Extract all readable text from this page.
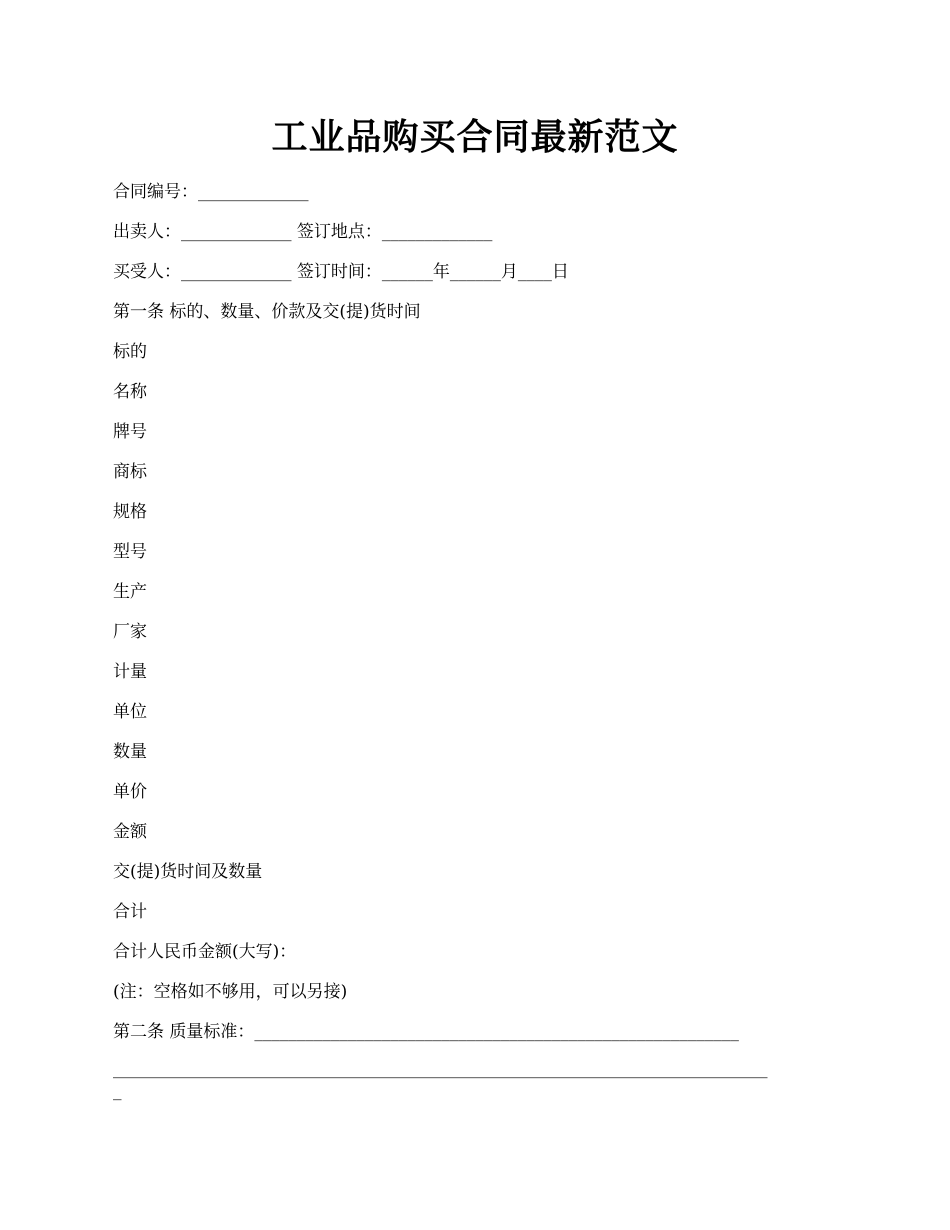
工业品购买合同最新范文
合同编号：_____________
出卖人：_____________ 签订地点：_____________
买受人：_____________ 签订时间：______年______月____日
第一条 标的、数量、价款及交(提)货时间
标的
名称
牌号
商标
规格
型号
生产
厂家
计量
单位
数量
单价
金额
交(提)货时间及数量
合计
合计人民币金额(大写)：
(注：空格如不够用，可以另接)
第二条 质量标准：_________________________________________________________
_____________________________________________________________________________
_
